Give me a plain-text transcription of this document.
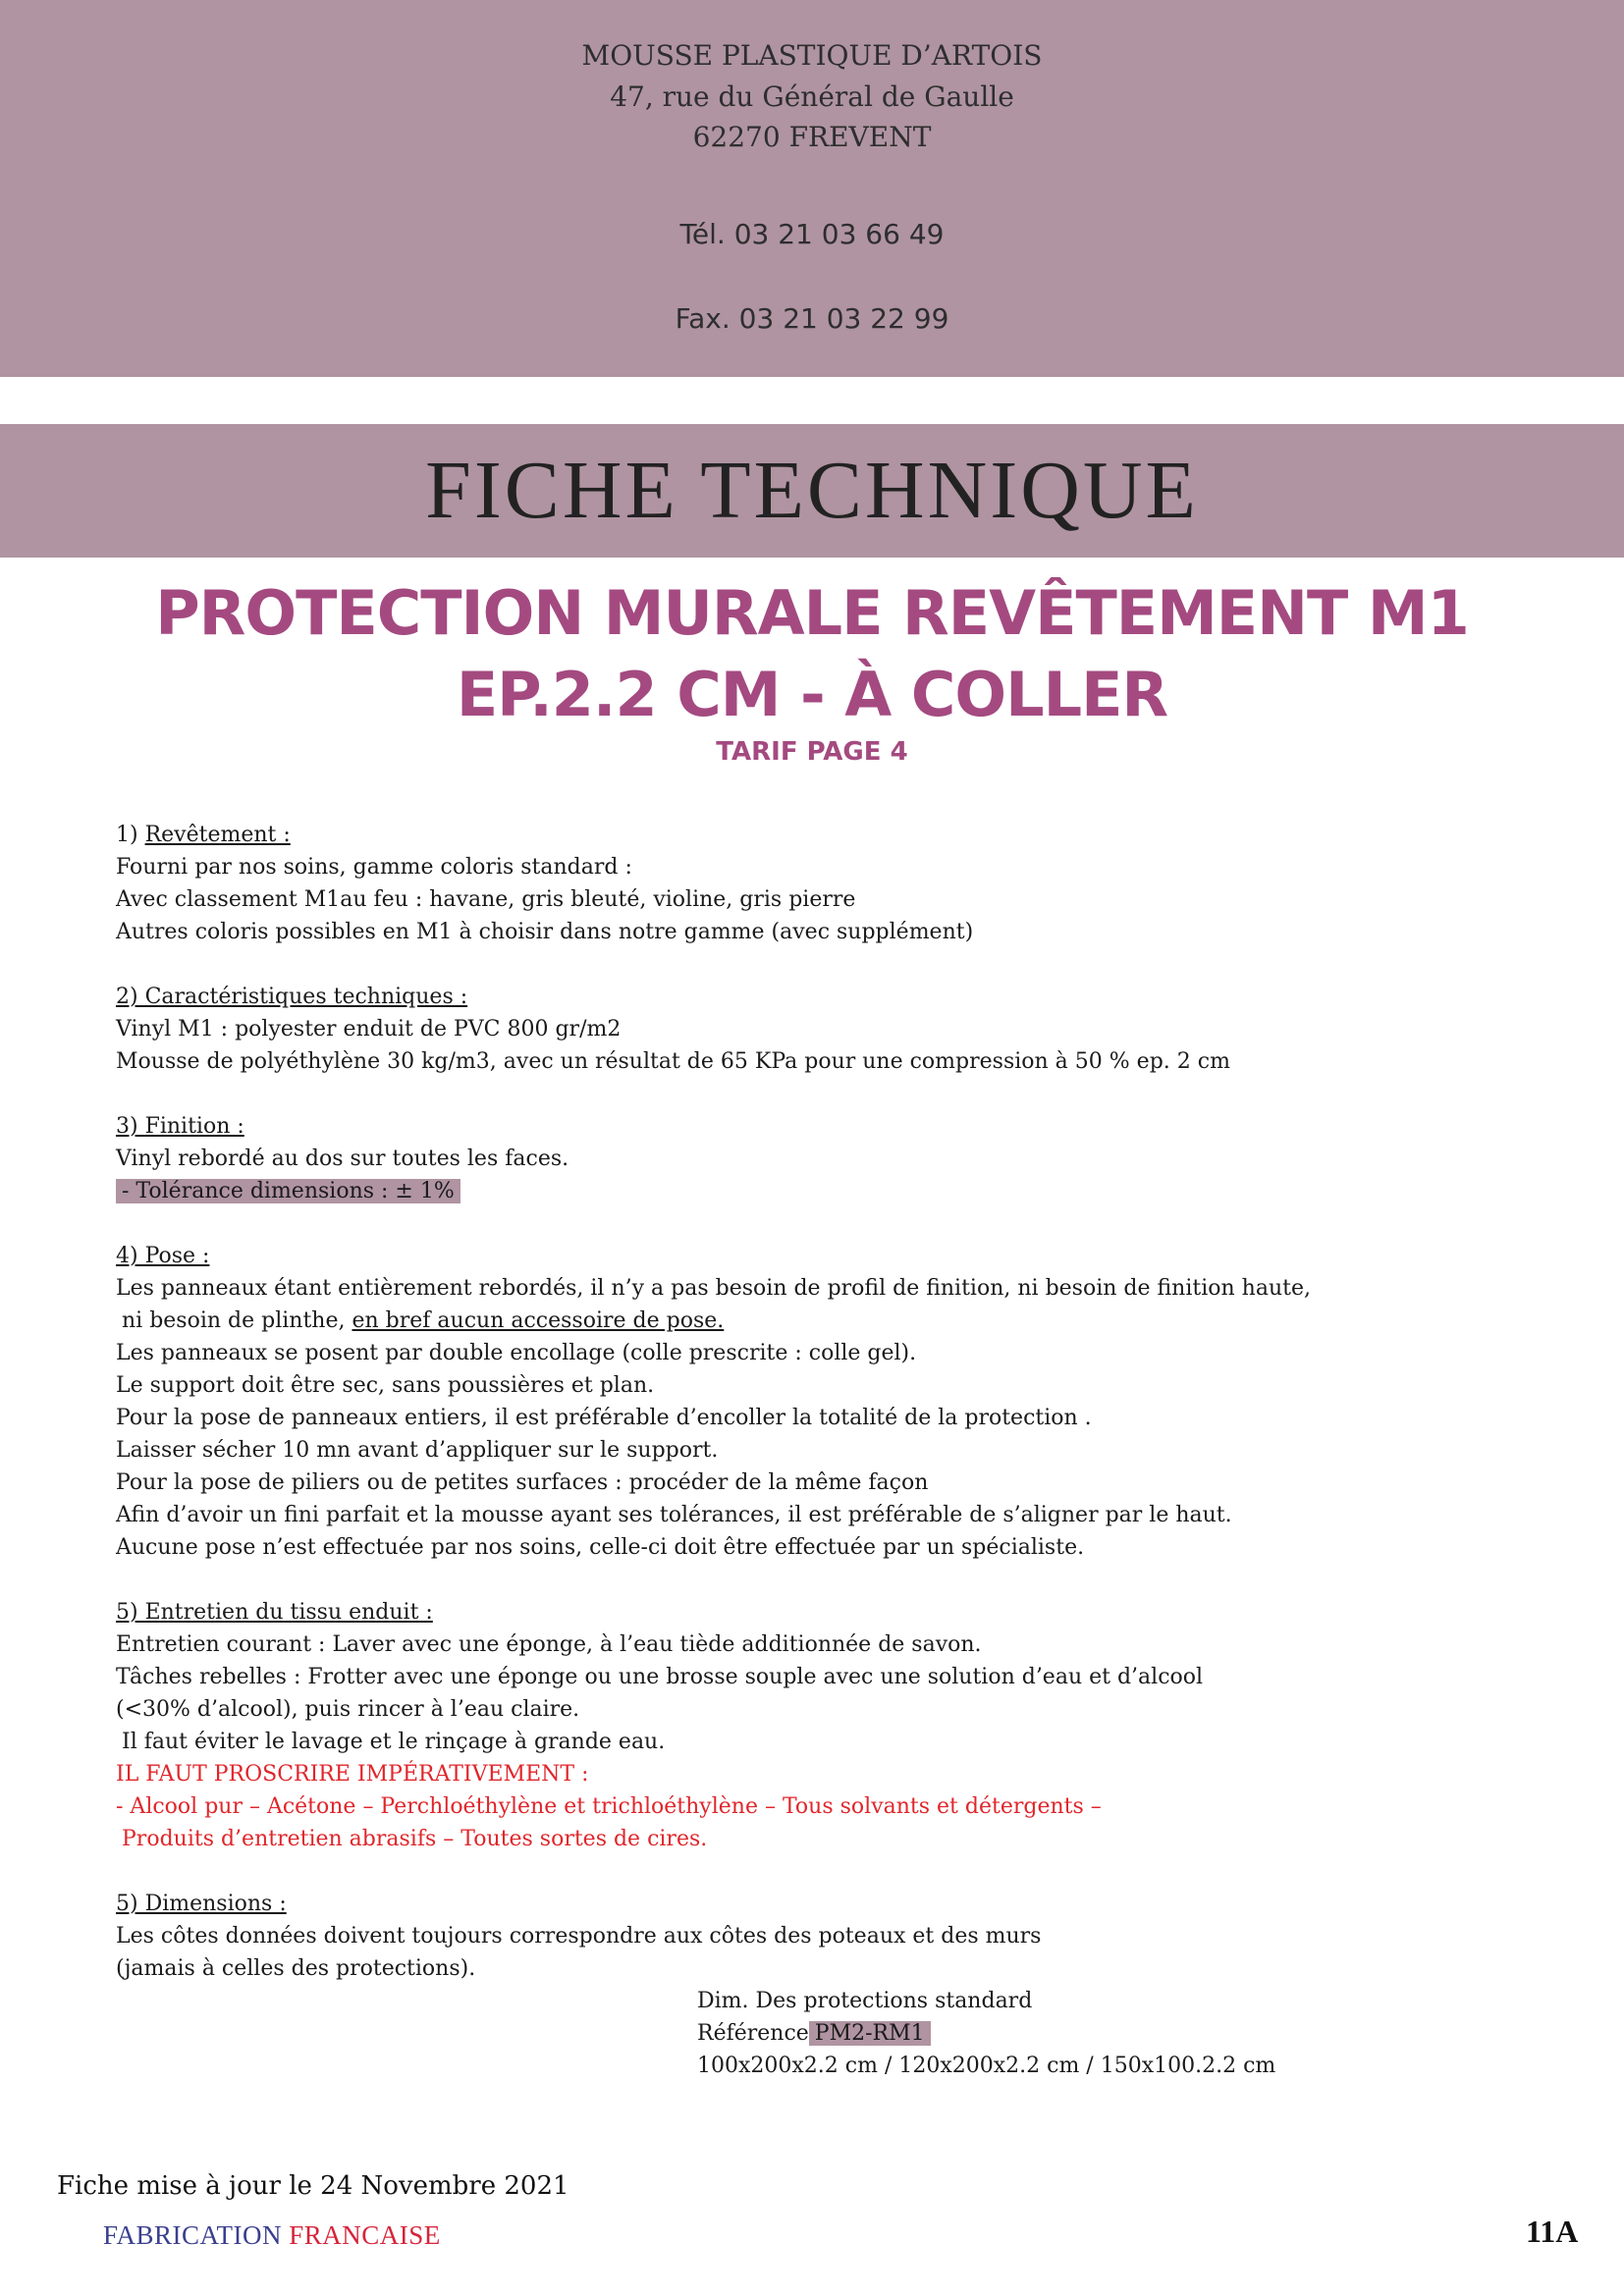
MOUSSE PLASTIQUE D’ARTOIS
47, rue du Général de Gaulle
62270 FREVENT
Tél. 03 21 03 66 49
Fax. 03 21 03 22 99
FICHE TECHNIQUE
PROTECTION MURALE REVÊTEMENT M1
EP.2.2 CM - À COLLER
TARIF PAGE 4
1) Revêtement :
Fourni par nos soins, gamme coloris standard :
Avec classement M1au feu : havane, gris bleuté, violine, gris pierre
Autres coloris possibles en M1 à choisir dans notre gamme (avec supplément)
2) Caractéristiques techniques :
Vinyl M1 : polyester enduit de PVC 800 gr/m2
Mousse de polyéthylène 30 kg/m3, avec un résultat de 65 KPa pour une compression à 50 % ep. 2 cm
3) Finition :
Vinyl rebordé au dos sur toutes les faces.
- Tolérance dimensions : ± 1%
4) Pose :
Les panneaux étant entièrement rebordés, il n’y a pas besoin de profil de finition, ni besoin de finition haute,
ni besoin de plinthe, en bref aucun accessoire de pose.
Les panneaux se posent par double encollage (colle prescrite : colle gel).
Le support doit être sec, sans poussières et plan.
Pour la pose de panneaux entiers, il est préférable d’encoller la totalité de la protection .
Laisser sécher 10 mn avant d’appliquer sur le support.
Pour la pose de piliers ou de petites surfaces : procéder de la même façon
Afin d’avoir un fini parfait et la mousse ayant ses tolérances, il est préférable de s’aligner par le haut.
Aucune pose n’est effectuée par nos soins, celle-ci doit être effectuée par un spécialiste.
5) Entretien du tissu enduit :
Entretien courant : Laver avec une éponge, à l’eau tiède additionnée de savon.
Tâches rebelles : Frotter avec une éponge ou une brosse souple avec une solution d’eau et d’alcool
(<30% d’alcool), puis rincer à l’eau claire.
Il faut éviter le lavage et le rinçage à grande eau.
IL FAUT PROSCRIRE IMPÉRATIVEMENT :
- Alcool pur – Acétone – Perchloéthylène et trichloéthylène – Tous solvants et détergents –
Produits d’entretien abrasifs – Toutes sortes de cires.
5) Dimensions :
Les côtes données doivent toujours correspondre aux côtes des poteaux et des murs
(jamais à celles des protections).
Dim. Des protections standard
Référence PM2-RM1
100x200x2.2 cm / 120x200x2.2 cm / 150x100.2.2 cm
Fiche mise à jour le 24 Novembre 2021
FABRICATION FRANCAISE	11A
